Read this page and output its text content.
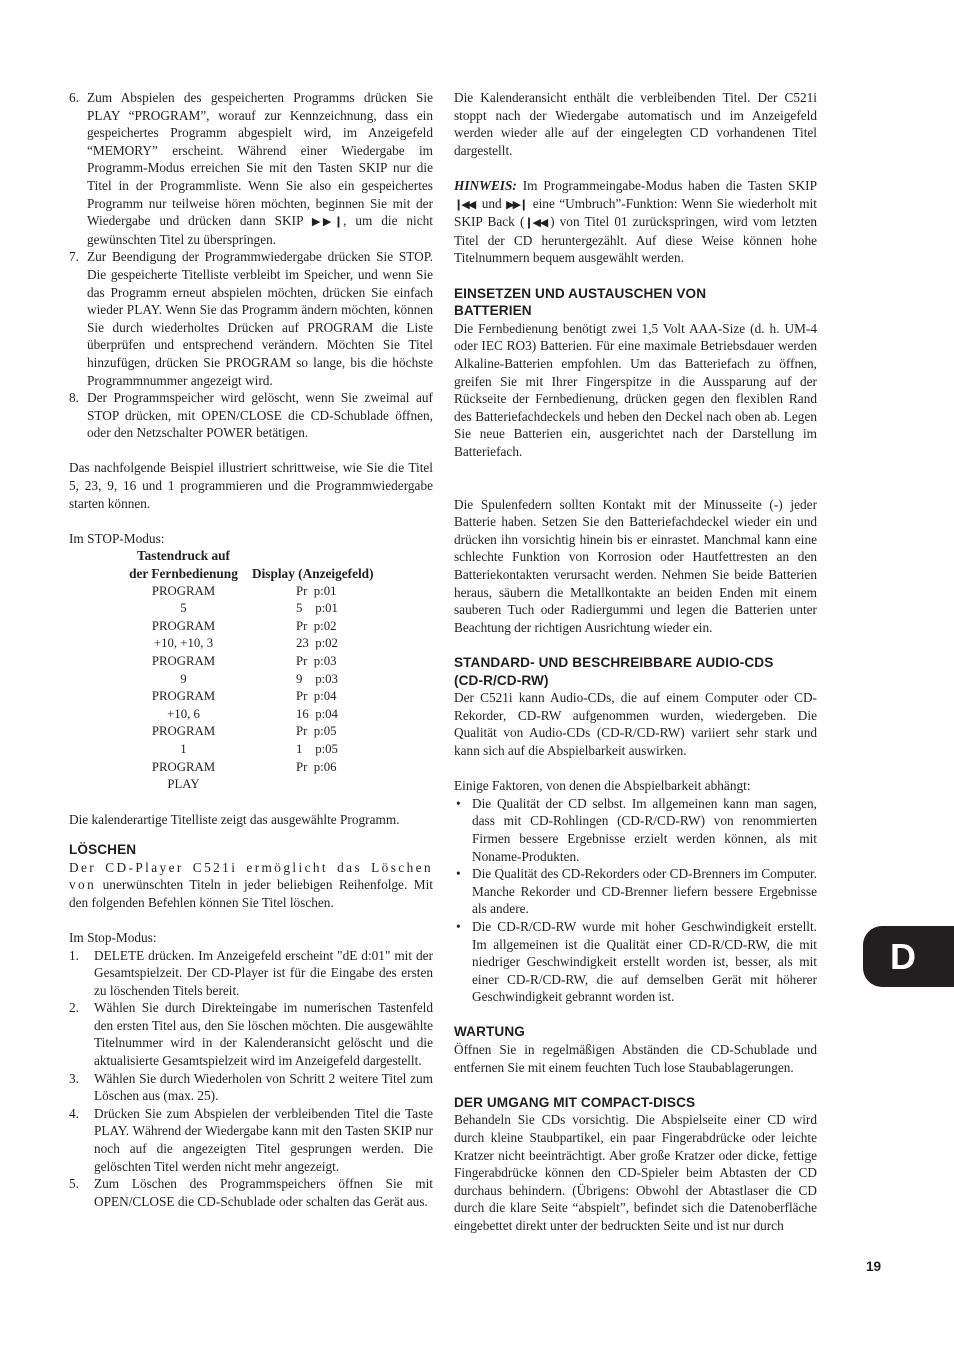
6. Zum Abspielen des gespeicherten Programms drücken Sie PLAY “PROGRAM”, worauf zur Kennzeichnung, dass ein gespeichertes Programm abgespielt wird, im Anzeigefeld “MEMORY” erscheint. Während einer Wiedergabe im Programm-Modus erreichen Sie mit den Tasten SKIP nur die Titel in der Programmliste. Wenn Sie also ein gespeichertes Programm nur teilweise hören möchten, beginnen Sie mit der Wiedergabe und drücken dann SKIP ▶▶❙ , um die nicht gewünschten Titel zu überspringen.
7. Zur Beendigung der Programmwiedergabe drücken Sie STOP. Die gespeicherte Titelliste verbleibt im Speicher, und wenn Sie das Programm erneut abspielen möchten, drücken Sie einfach wieder PLAY. Wenn Sie das Programm ändern möchten, können Sie durch wiederholtes Drücken auf PROGRAM die Liste überprüfen und entsprechend verändern. Möchten Sie Titel hinzufügen, drücken Sie PROGRAM so lange, bis die höchste Programmnummer angezeigt wird.
8. Der Programmspeicher wird gelöscht, wenn Sie zweimal auf STOP drücken, mit OPEN/CLOSE die CD-Schublade öffnen, oder den Netzschalter POWER betätigen.

Das nachfolgende Beispiel illustriert schrittweise, wie Sie die Titel 5, 23, 9, 16 und 1 programmieren und die Programmwiedergabe starten können.

Im STOP-Modus:

Tastendruck auf	
der Fernbedienung	Display (Anzeigefeld)
PROGRAM	Pr  p:01
5	5    p:01
PROGRAM	Pr  p:02
+10, +10, 3	23  p:02
PROGRAM	Pr  p:03
9	9    p:03
PROGRAM	Pr  p:04
+10, 6	16  p:04
PROGRAM	Pr  p:05
1	1    p:05
PROGRAM	Pr  p:06
PLAY	

Die kalenderartige Titelliste zeigt das ausgewählte Programm.

LÖSCHEN

Der CD-Player C521i ermöglicht das Löschen von unerwünschten Titeln in jeder beliebigen Reihenfolge. Mit den folgenden Befehlen können Sie Titel löschen.

Im Stop-Modus:

1. DELETE drücken. Im Anzeigefeld erscheint "dE d:01" mit der Gesamtspielzeit. Der CD-Player ist für die Eingabe des ersten zu löschenden Titels bereit.
2. Wählen Sie durch Direkteingabe im numerischen Tastenfeld den ersten Titel aus, den Sie löschen möchten. Die ausgewählte Titelnummer wird in der Kalenderansicht gelöscht und die aktualisierte Gesamtspielzeit wird im Anzeigefeld dargestellt.
3. Wählen Sie durch Wiederholen von Schritt 2 weitere Titel zum Löschen aus (max. 25).
4. Drücken Sie zum Abspielen der verbleibenden Titel die Taste PLAY. Während der Wiedergabe kann mit den Tasten SKIP nur noch auf die angezeigten Titel gesprungen werden. Die gelöschten Titel werden nicht mehr angezeigt.
5. Zum Löschen des Programmspeichers öffnen Sie mit OPEN/CLOSE die CD-Schublade oder schalten das Gerät aus.

Die Kalenderansicht enthält die verbleibenden Titel. Der C521i stoppt nach der Wiedergabe automatisch und im Anzeigefeld werden wieder alle auf der eingelegten CD vorhandenen Titel dargestellt.

HINWEIS: Im Programmeingabe-Modus haben die Tasten SKIP ❙◀◀ und ▶▶❙ eine “Umbruch”-Funktion: Wenn Sie wiederholt mit SKIP Back (❙◀◀ ) von Titel 01 zurückspringen, wird vom letzten Titel der CD heruntergezählt. Auf diese Weise können hohe Titelnummern bequem ausgewählt werden.

EINSETZEN UND AUSTAUSCHEN VON
BATTERIEN

Die Fernbedienung benötigt zwei 1,5 Volt AAA-Size (d. h. UM-4 oder IEC RO3) Batterien. Für eine maximale Betriebsdauer werden Alkaline-Batterien empfohlen. Um das Batteriefach zu öffnen, greifen Sie mit Ihrer Fingerspitze in die Aussparung auf der Rückseite der Fernbedienung, drücken gegen den flexiblen Rand des Batteriefachdeckels und heben den Deckel nach oben ab. Legen Sie neue Batterien ein, ausgerichtet nach der Darstellung im Batteriefach.

Die Spulenfedern sollten Kontakt mit der Minusseite (-) jeder Batterie haben. Setzen Sie den Batteriefachdeckel wieder ein und drücken ihn vorsichtig hinein bis er einrastet. Manchmal kann eine schlechte Funktion von Korrosion oder Hautfettresten an den Batteriekontakten verursacht werden. Nehmen Sie beide Batterien heraus, säubern die Metallkontakte an beiden Enden mit einem sauberen Tuch oder Radiergummi und legen die Batterien unter Beachtung der richtigen Ausrichtung wieder ein.

STANDARD- UND BESCHREIBBARE AUDIO-CDS
(CD-R/CD-RW)

Der C521i kann Audio-CDs, die auf einem Computer oder CD-Rekorder, CD-RW aufgenommen wurden, wiedergeben. Die Qualität von Audio-CDs (CD-R/CD-RW) variiert sehr stark und kann sich auf die Abspielbarkeit auswirken.

Einige Faktoren, von denen die Abspielbarkeit abhängt:

• Die Qualität der CD selbst. Im allgemeinen kann man sagen, dass mit CD-Rohlingen (CD-R/CD-RW) von renommierten Firmen bessere Ergebnisse erzielt werden können, als mit Noname-Produkten.
• Die Qualität des CD-Rekorders oder CD-Brenners im Computer. Manche Rekorder und CD-Brenner liefern bessere Ergebnisse als andere.
• Die CD-R/CD-RW wurde mit hoher Geschwindigkeit erstellt. Im allgemeinen ist die Qualität einer CD-R/CD-RW, die mit niedriger Geschwindigkeit erstellt worden ist, besser, als mit einer CD-R/CD-RW, die auf demselben Gerät mit höherer Geschwindigkeit gebrannt worden ist.
WARTUNG

Öffnen Sie in regelmäßigen Abständen die CD-Schublade und entfernen Sie mit einem feuchten Tuch lose Staubablagerungen.

DER UMGANG MIT COMPACT-DISCS

Behandeln Sie CDs vorsichtig. Die Abspielseite einer CD wird durch kleine Staubpartikel, ein paar Fingerabdrücke oder leichte Kratzer nicht beeinträchtigt. Aber große Kratzer oder dicke, fettige Fingerabdrücke können den CD-Spieler beim Abtasten der CD durchaus behindern. (Übrigens: Obwohl der Abtastlaser die CD durch die klare Seite “abspielt”, befindet sich die Datenoberfläche eingebettet direkt unter der bedruckten Seite und ist nur durch

D
19
